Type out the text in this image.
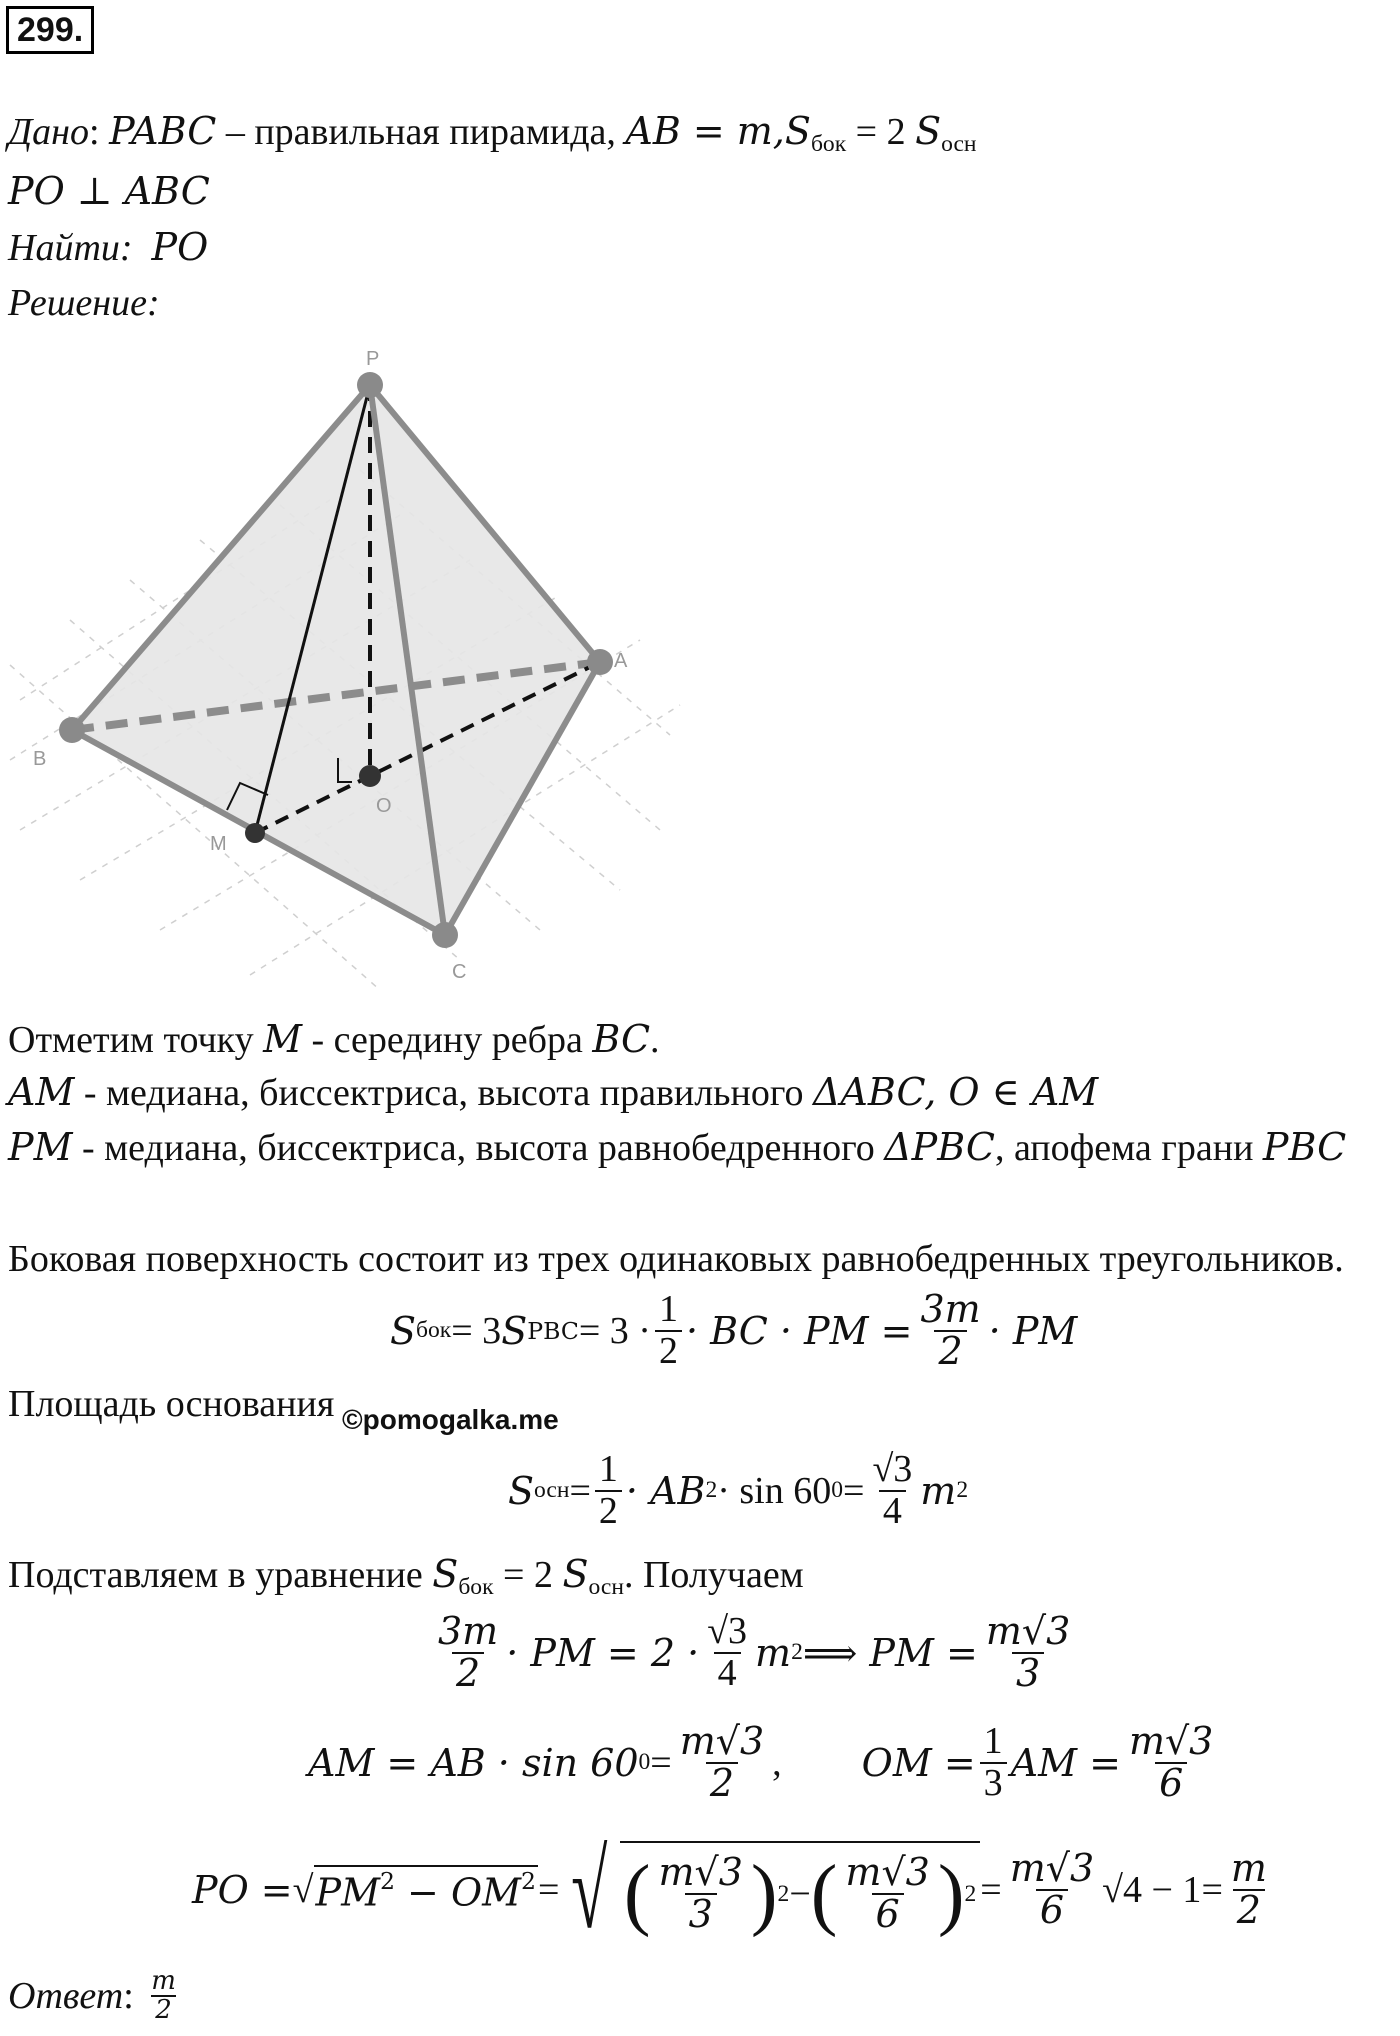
299.
Дано: PABC – правильная пирамида, AB = $m,S_{бок} = 2$ $S_{осн}$
PO ⊥ ABC
Найти: PO
Решение:
P
A
B
C
M
O
Отметим точку M - середину ребра BC.
AM - медиана, биссектриса, высота правильного ΔABC, O ∈ AM
PM - медиана, биссектриса, высота равнобедренного ΔPBC, апофема грани PBC
Боковая поверхность состоит из трех одинаковых равнобедренных треугольников.
S бок = 3 S PBC = $3 \cdot \frac{1}{2}$ · BC · PM = $\frac{3m}{2}$ · PM
Площадь основания ©pomogalka.me
S осн = $\frac{1}{2}$ · AB 2 · sin 60 $0 = \frac{√3}{4}$ m 2
Подставляем в уравнение $S_{бок} = 2$ $S_{осн}$. Получаем
$\frac{3m}{2}$ · PM = $2 \cdot \frac{√3}{4}$ m 2 ⟹ PM = $\frac{m√3}{3}$
AM = AB · sin 60 $0 = \frac{m√3}{2}$ , OM = $\frac{1}{3}$ AM = $\frac{m√3}{6}$
PO = √ $PM^2 - OM^2$ = √ ( $\frac{m√3}{3}$ ) 2 − ( $\frac{m√3}{6}$ ) $2 = \frac{m√3}{6} √4 - 1 = \frac{m}{2}$
Ответ : $\frac{m}{2}$
